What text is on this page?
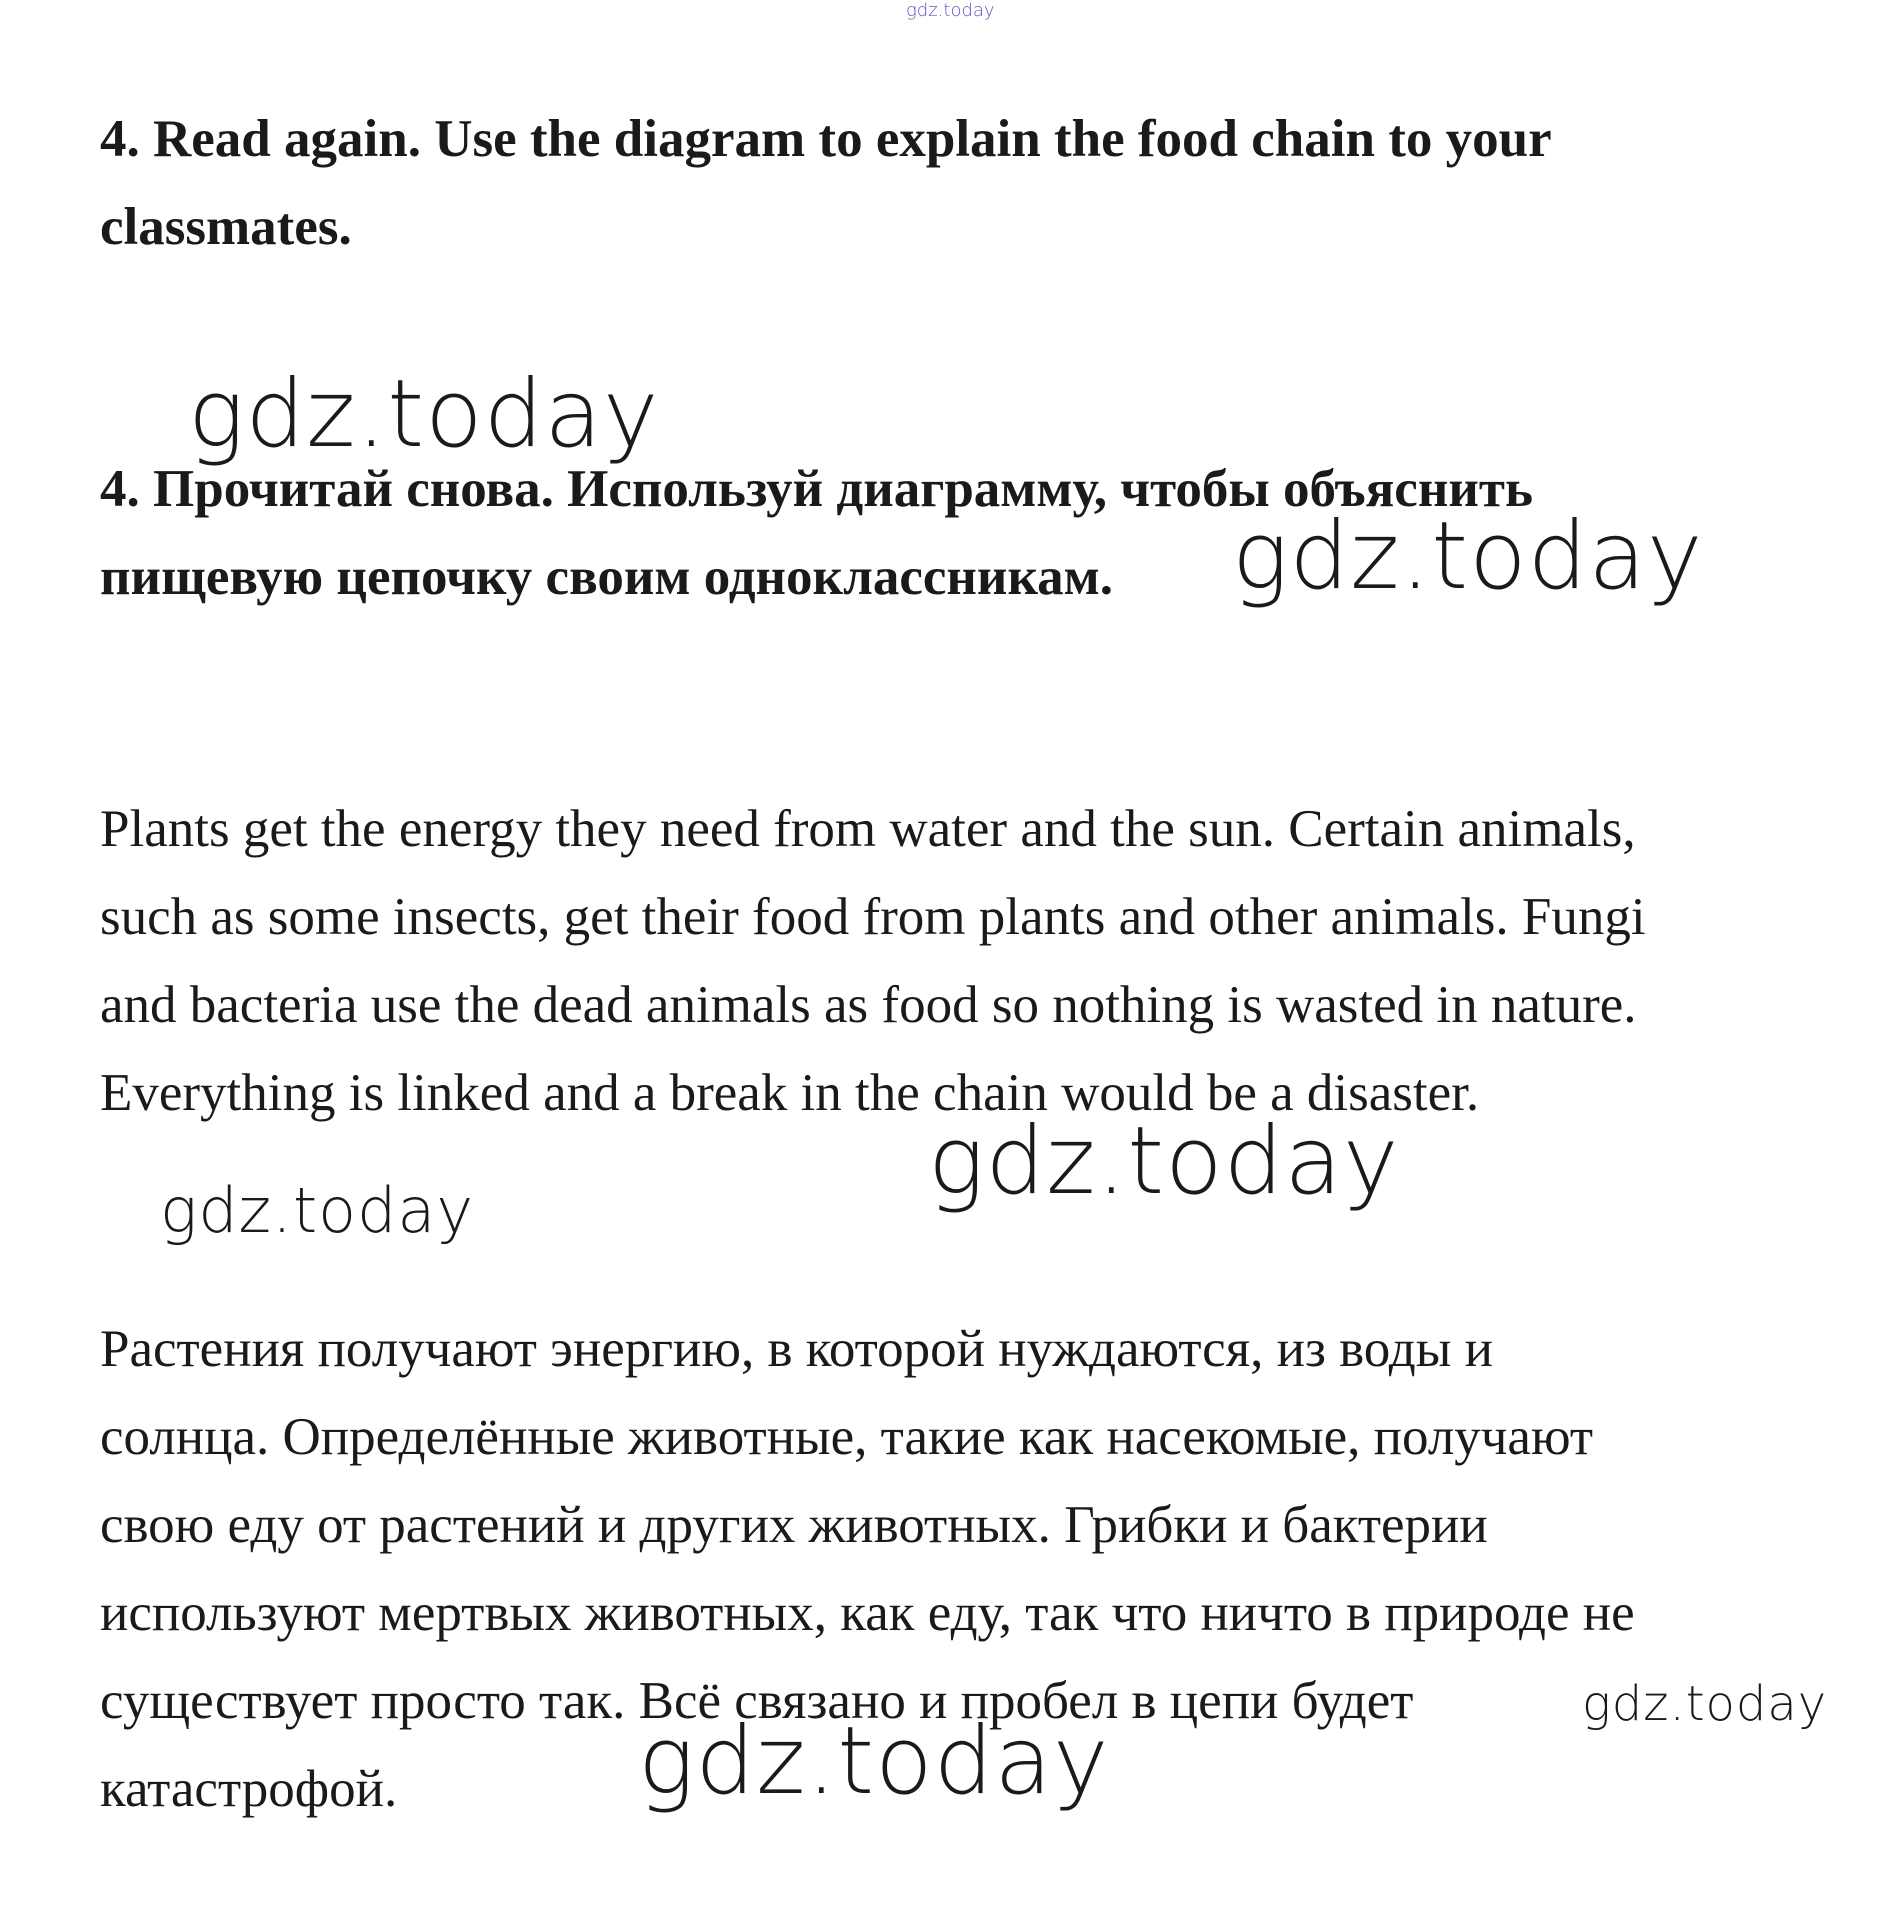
gdz.today

4. Read again. Use the diagram to explain the food chain to your
classmates.

4. Прочитай снова. Используй диаграмму, чтобы объяснить
пищевую цепочку своим одноклассникам.

Plants get the energy they need from water and the sun. Certain animals,
such as some insects, get their food from plants and other animals. Fungi
and bacteria use the dead animals as food so nothing is wasted in nature.
Everything is linked and a break in the chain would be a disaster.

Растения получают энергию, в которой нуждаются, из воды и
солнца. Определённые животные, такие как насекомые, получают
свою еду от растений и других животных. Грибки и бактерии
используют мертвых животных, как еду, так что ничто в природе не
существует просто так. Всё связано и пробел в цепи будет
катастрофой.

gdz.today
gdz.today
gdz.today
gdz.today
gdz.today
gdz.today
